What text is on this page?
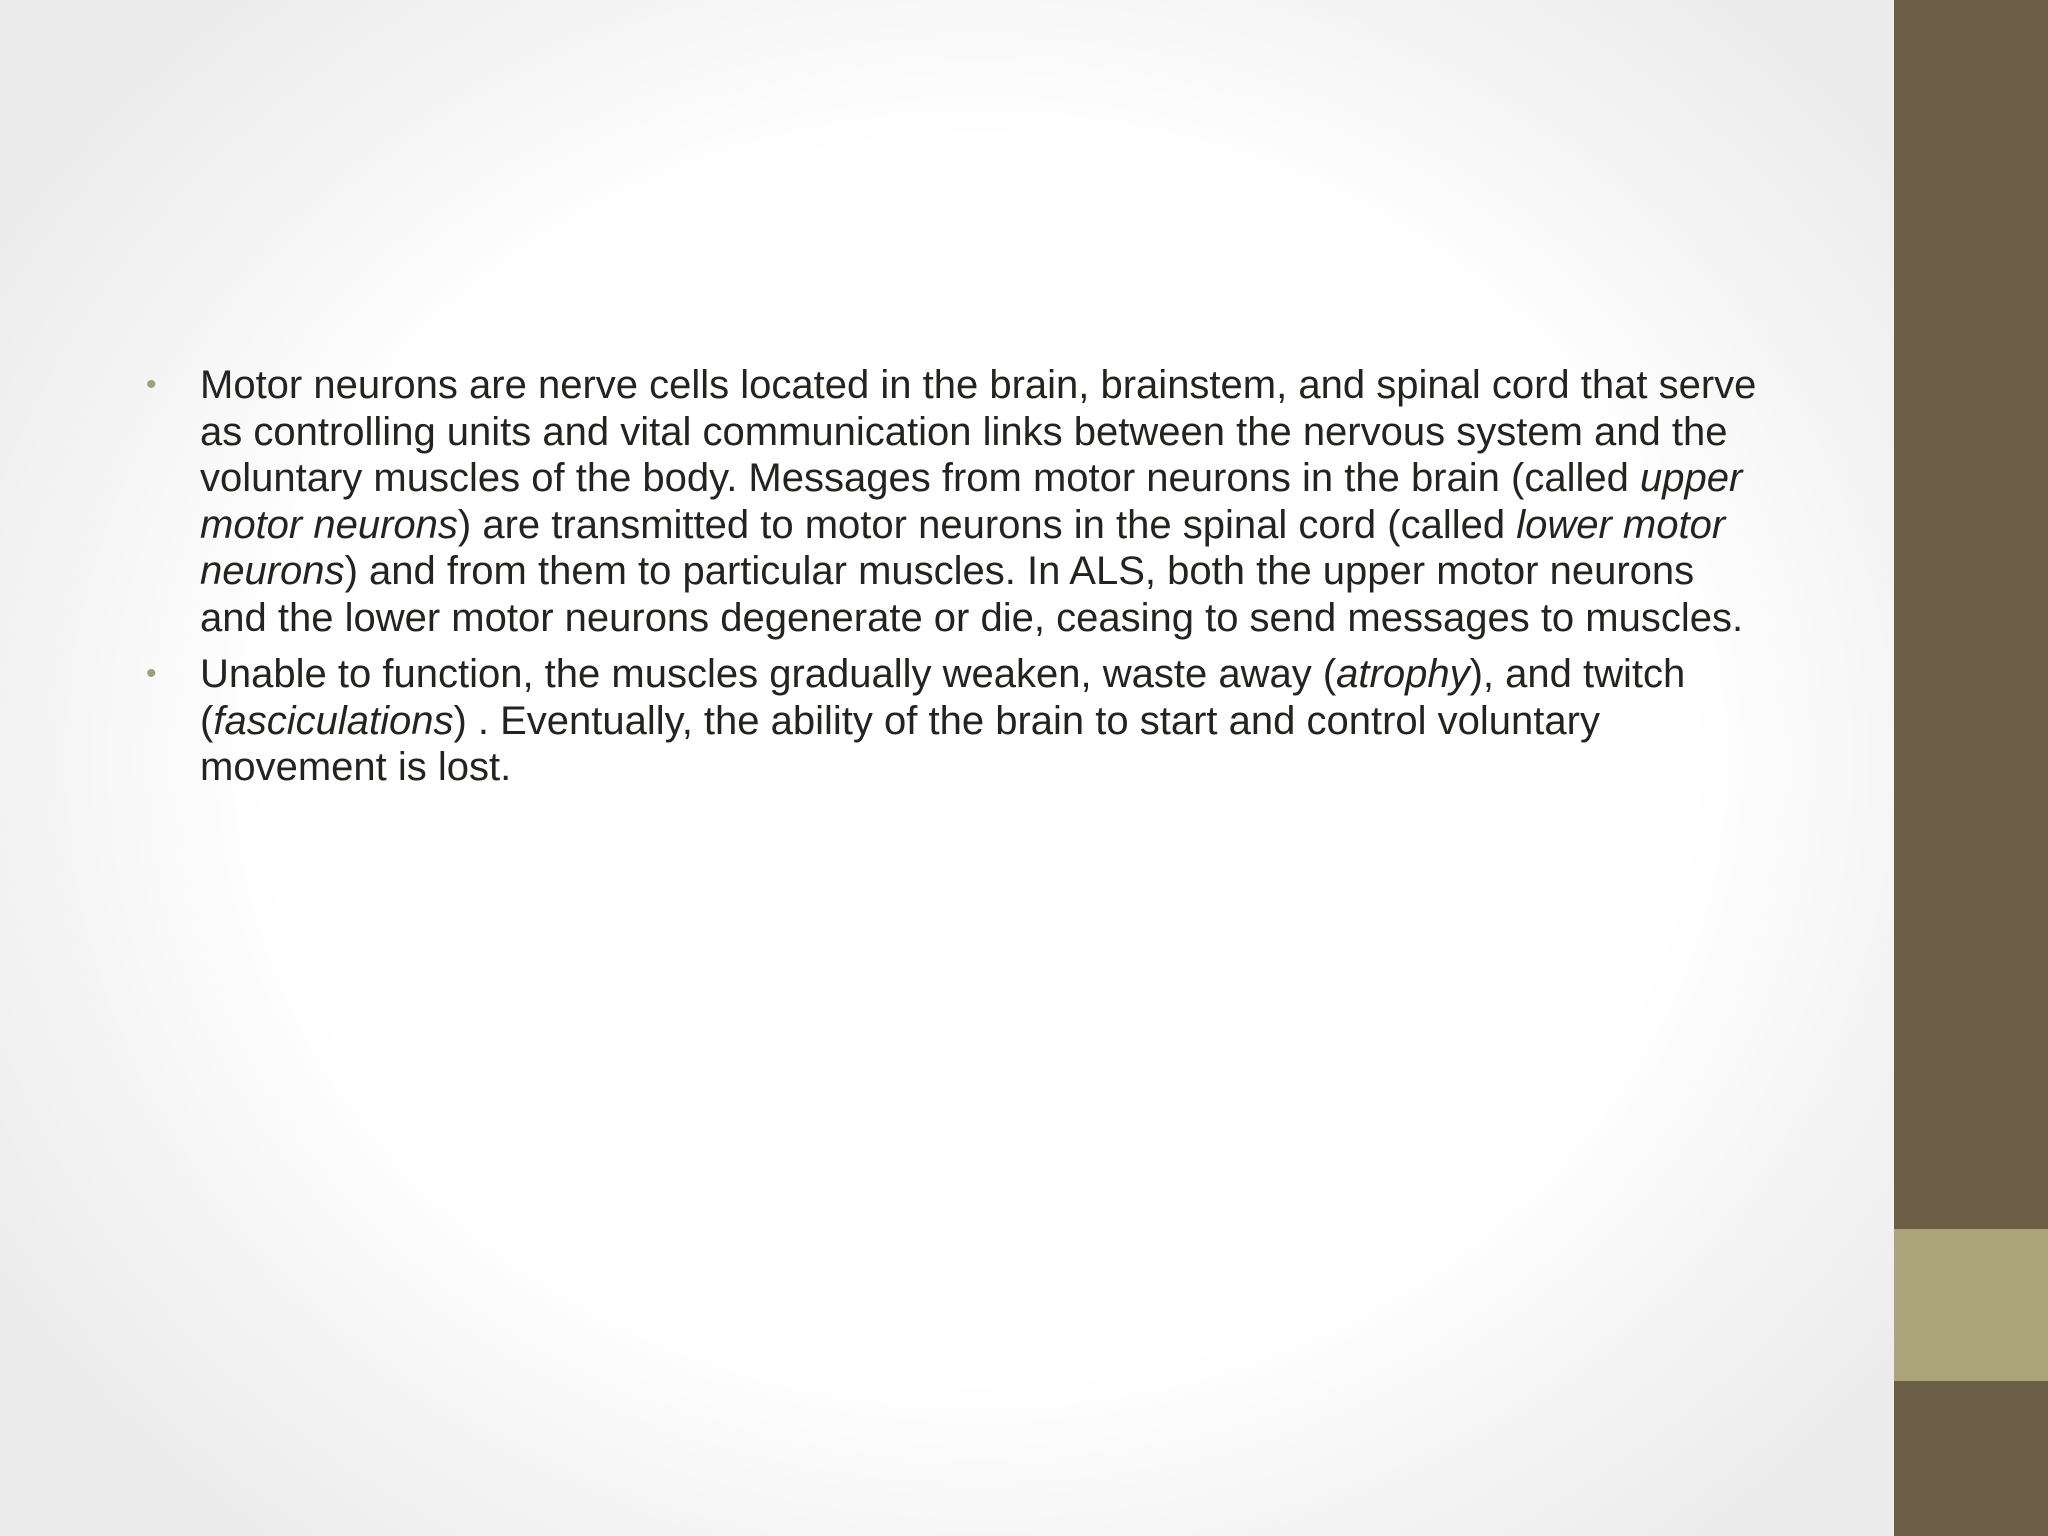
• Motor neurons are nerve cells located in the brain, brainstem, and spinal cord that serve as controlling units and vital communication links between the nervous system and the voluntary muscles of the body. Messages from motor neurons in the brain (called upper motor neurons) are transmitted to motor neurons in the spinal cord (called lower motor neurons) and from them to particular muscles. In ALS, both the upper motor neurons and the lower motor neurons degenerate or die, ceasing to send messages to muscles.
• Unable to function, the muscles gradually weaken, waste away (atrophy), and twitch (fasciculations) . Eventually, the ability of the brain to start and control voluntary movement is lost.
